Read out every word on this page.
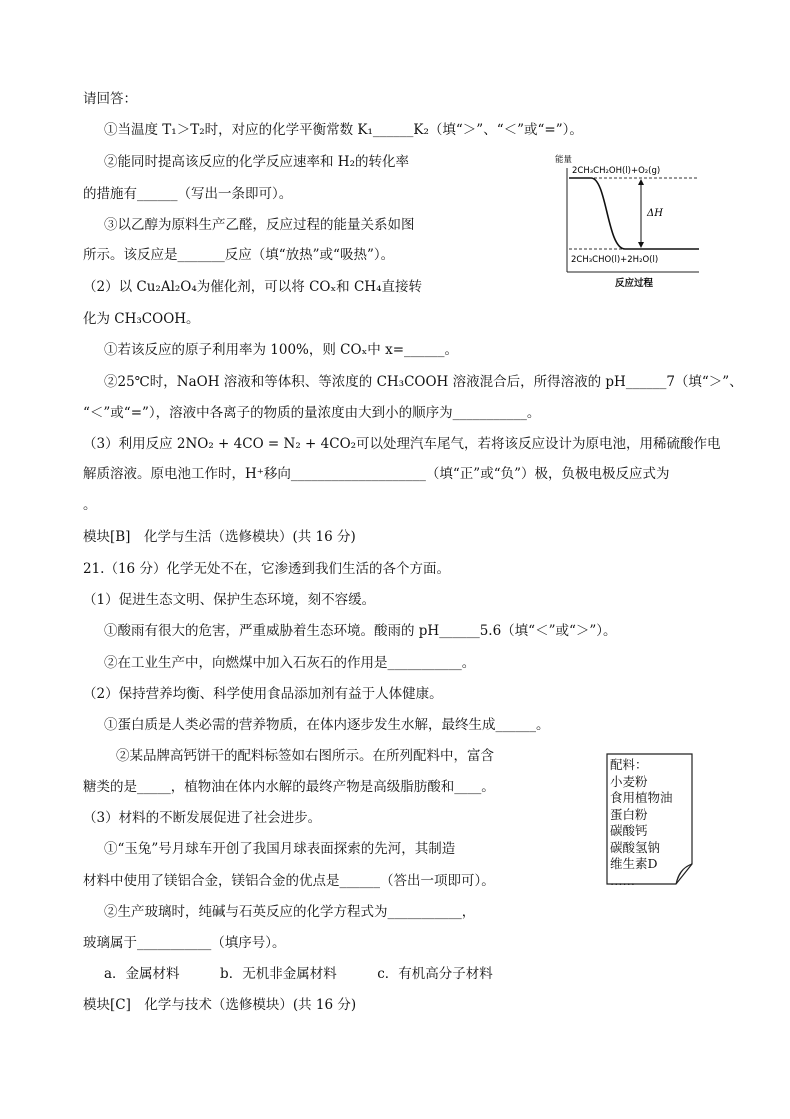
请回答：
①当温度 T₁＞T₂时，对应的化学平衡常数 K₁______K₂（填“＞”、“＜”或“=”）。
②能同时提高该反应的化学反应速率和 H₂的转化率
的措施有______（写出一条即可）。
③以乙醇为原料生产乙醛，反应过程的能量关系如图
所示。该反应是_______反应（填“放热”或“吸热”）。
（2）以 Cu₂Al₂O₄为催化剂，可以将 COₓ和 CH₄直接转
化为 CH₃COOH。
①若该反应的原子利用率为 100%，则 COₓ中 x=______。
②25℃时，NaOH 溶液和等体积、等浓度的 CH₃COOH 溶液混合后，所得溶液的 pH______7（填“＞”、
“＜”或“=”），溶液中各离子的物质的量浓度由大到小的顺序为___________。
（3）利用反应 2NO₂ + 4CO = N₂ + 4CO₂可以处理汽车尾气，若将该反应设计为原电池，用稀硫酸作电
解质溶液。原电池工作时，H⁺移向____________________（填“正”或“负”）极，负极电极反应式为
。
模块[B]　化学与生活（选修模块）(共 16 分)
21.（16 分）化学无处不在，它渗透到我们生活的各个方面。
（1）促进生态文明、保护生态环境，刻不容缓。
①酸雨有很大的危害，严重威胁着生态环境。酸雨的 pH______5.6（填“＜”或“＞”）。
②在工业生产中，向燃煤中加入石灰石的作用是___________。
（2）保持营养均衡、科学使用食品添加剂有益于人体健康。
①蛋白质是人类必需的营养物质，在体内逐步发生水解，最终生成______。
②某品牌高钙饼干的配料标签如右图所示。在所列配料中，富含
糖类的是_____，植物油在体内水解的最终产物是高级脂肪酸和____。
（3）材料的不断发展促进了社会进步。
①“玉兔”号月球车开创了我国月球表面探索的先河，其制造
材料中使用了镁铝合金，镁铝合金的优点是______（答出一项即可）。
②生产玻璃时，纯碱与石英反应的化学方程式为___________，
玻璃属于___________（填序号）。
a．金属材料　　　b．无机非金属材料　　　c．有机高分子材料
模块[C]　化学与技术（选修模块）(共 16 分)
能量
2CH₃CH₂OH(l)+O₂(g)
ΔH
2CH₃CHO(l)+2H₂O(l)
反应过程
配料：
小麦粉
食用植物油
蛋白粉
碳酸钙
碳酸氢钠
维生素D
……
